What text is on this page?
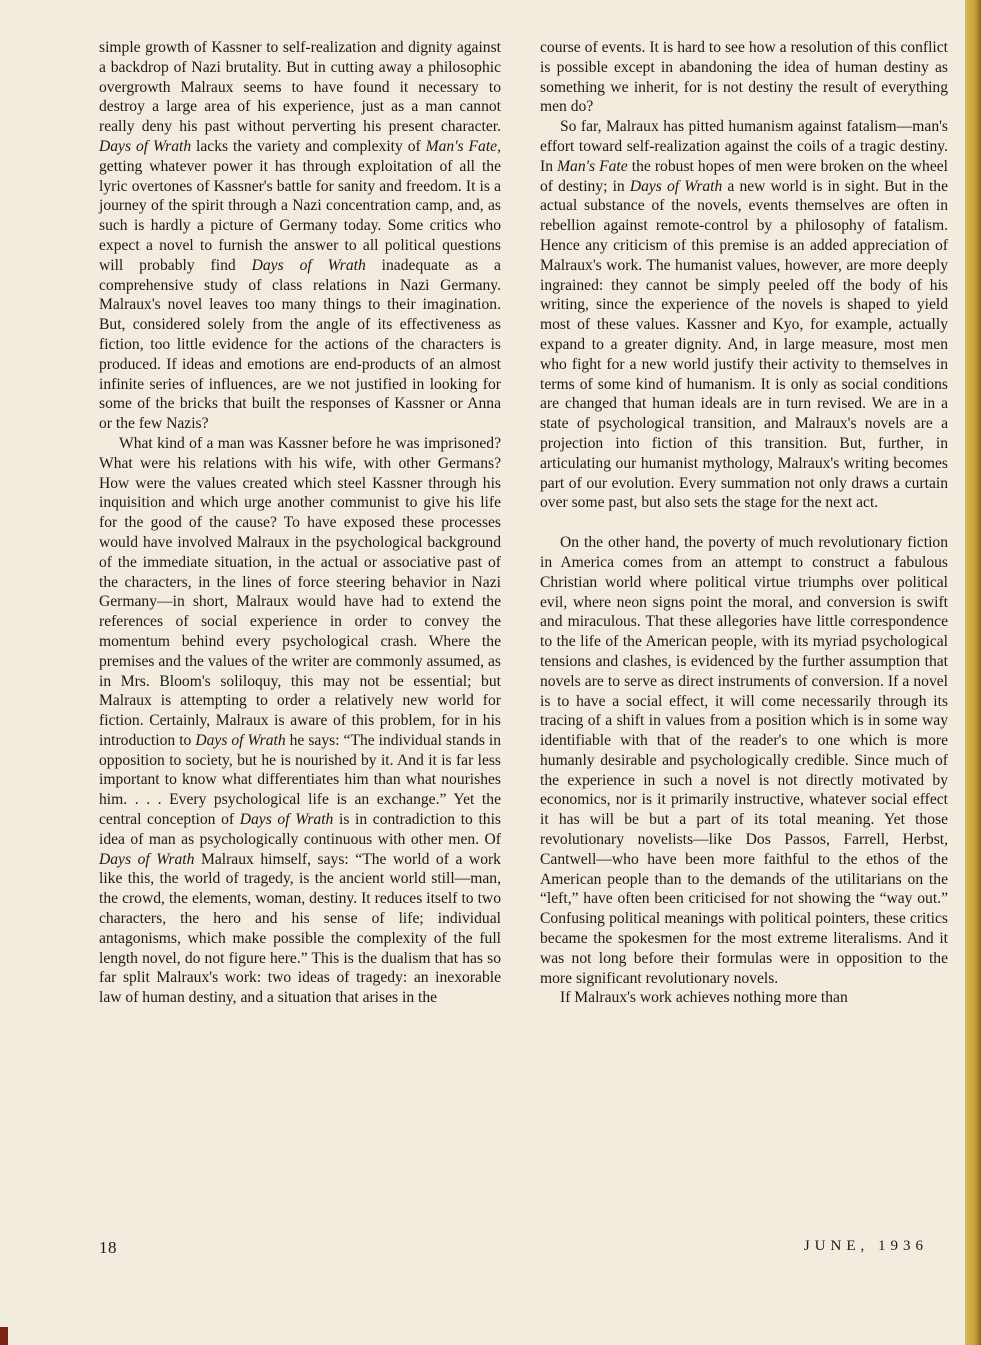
simple growth of Kassner to self-realization and dignity against a backdrop of Nazi brutality. But in cutting away a philosophic overgrowth Malraux seems to have found it necessary to destroy a large area of his experience, just as a man cannot really deny his past without perverting his present character. Days of Wrath lacks the variety and complexity of Man's Fate, getting whatever power it has through exploitation of all the lyric overtones of Kassner's battle for sanity and freedom. It is a journey of the spirit through a Nazi concentration camp, and, as such is hardly a picture of Germany today. Some critics who expect a novel to furnish the answer to all political questions will probably find Days of Wrath inadequate as a comprehensive study of class relations in Nazi Germany. Malraux's novel leaves too many things to their imagination. But, considered solely from the angle of its effectiveness as fiction, too little evidence for the actions of the characters is produced. If ideas and emotions are end-products of an almost infinite series of influences, are we not justified in looking for some of the bricks that built the responses of Kassner or Anna or the few Nazis?

What kind of a man was Kassner before he was imprisoned? What were his relations with his wife, with other Germans? How were the values created which steel Kassner through his inquisition and which urge another communist to give his life for the good of the cause? To have exposed these processes would have involved Malraux in the psychological background of the immediate situation, in the actual or associative past of the characters, in the lines of force steering behavior in Nazi Germany—in short, Malraux would have had to extend the references of social experience in order to convey the momentum behind every psychological crash. Where the premises and the values of the writer are commonly assumed, as in Mrs. Bloom's soliloquy, this may not be essential; but Malraux is attempting to order a relatively new world for fiction. Certainly, Malraux is aware of this problem, for in his introduction to Days of Wrath he says: “The individual stands in opposition to society, but he is nourished by it. And it is far less important to know what differentiates him than what nourishes him. . . . Every psychological life is an exchange.” Yet the central conception of Days of Wrath is in contradiction to this idea of man as psychologically continuous with other men. Of Days of Wrath Malraux himself, says: “The world of a work like this, the world of tragedy, is the ancient world still—man, the crowd, the elements, woman, destiny. It reduces itself to two characters, the hero and his sense of life; individual antagonisms, which make possible the complexity of the full length novel, do not figure here.” This is the dualism that has so far split Malraux's work: two ideas of tragedy: an inexorable law of human destiny, and a situation that arises in the

course of events. It is hard to see how a resolution of this conflict is possible except in abandoning the idea of human destiny as something we inherit, for is not destiny the result of everything men do?

So far, Malraux has pitted humanism against fatalism—man's effort toward self-realization against the coils of a tragic destiny. In Man's Fate the robust hopes of men were broken on the wheel of destiny; in Days of Wrath a new world is in sight. But in the actual substance of the novels, events themselves are often in rebellion against remote-control by a philosophy of fatalism. Hence any criticism of this premise is an added appreciation of Malraux's work. The humanist values, however, are more deeply ingrained: they cannot be simply peeled off the body of his writing, since the experience of the novels is shaped to yield most of these values. Kassner and Kyo, for example, actually expand to a greater dignity. And, in large measure, most men who fight for a new world justify their activity to themselves in terms of some kind of humanism. It is only as social conditions are changed that human ideals are in turn revised. We are in a state of psychological transition, and Malraux's novels are a projection into fiction of this transition. But, further, in articulating our humanist mythology, Malraux's writing becomes part of our evolution. Every summation not only draws a curtain over some past, but also sets the stage for the next act.

On the other hand, the poverty of much revolutionary fiction in America comes from an attempt to construct a fabulous Christian world where political virtue triumphs over political evil, where neon signs point the moral, and conversion is swift and miraculous. That these allegories have little correspondence to the life of the American people, with its myriad psychological tensions and clashes, is evidenced by the further assumption that novels are to serve as direct instruments of conversion. If a novel is to have a social effect, it will come necessarily through its tracing of a shift in values from a position which is in some way identifiable with that of the reader's to one which is more humanly desirable and psychologically credible. Since much of the experience in such a novel is not directly motivated by economics, nor is it primarily instructive, whatever social effect it has will be but a part of its total meaning. Yet those revolutionary novelists—like Dos Passos, Farrell, Herbst, Cantwell—who have been more faithful to the ethos of the American people than to the demands of the utilitarians on the “left,” have often been criticised for not showing the “way out.” Confusing political meanings with political pointers, these critics became the spokesmen for the most extreme literalisms. And it was not long before their formulas were in opposition to the more significant revolutionary novels.

If Malraux's work achieves nothing more than

18	JUNE, 1936
